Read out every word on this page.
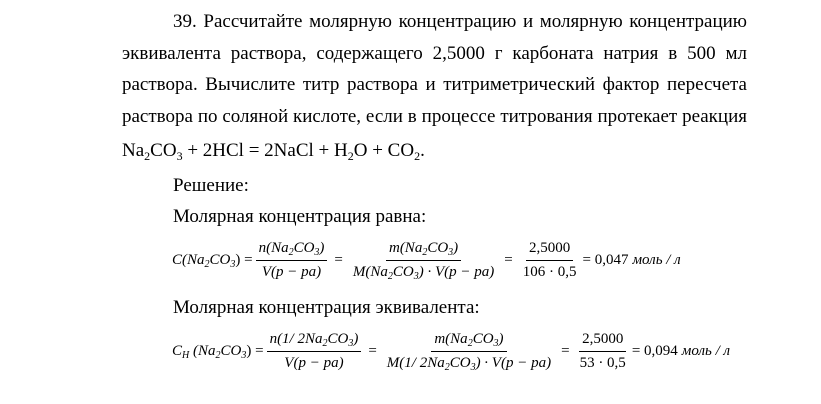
39. Рассчитайте молярную концентрацию и молярную концентрацию
эквивалента раствора, содержащего 2,5000 г карбоната натрия в 500 мл
раствора. Вычислите титр раствора и титриметрический фактор пересчета
раствора по соляной кислоте, если в процессе титрования протекает реакция
$Na_2CO_3 + 2HCl$ = 2NaCl + $H_2O + CO_2$.
Решение:
Молярная концентрация равна:
$C(Na_2CO_3) = \frac{n(Na_2CO_3)}{V(p - pa)} = \frac{m(Na_2CO_3)}{M(Na_2CO_3) \cdot V(p - pa)} = \frac{2,5000}{106 \cdot 0,5} = 0,047$ моль / л
Молярная концентрация эквивалента:
$C_H$ $(Na_2CO_3) = \frac{n(1/ 2Na_2CO_3)}{V(p - pa)} = \frac{m(Na_2CO_3)}{M(1/ 2Na_2CO_3) \cdot V(p - pa)} = \frac{2,5000}{53 \cdot 0,5} = 0,094$ моль / л
